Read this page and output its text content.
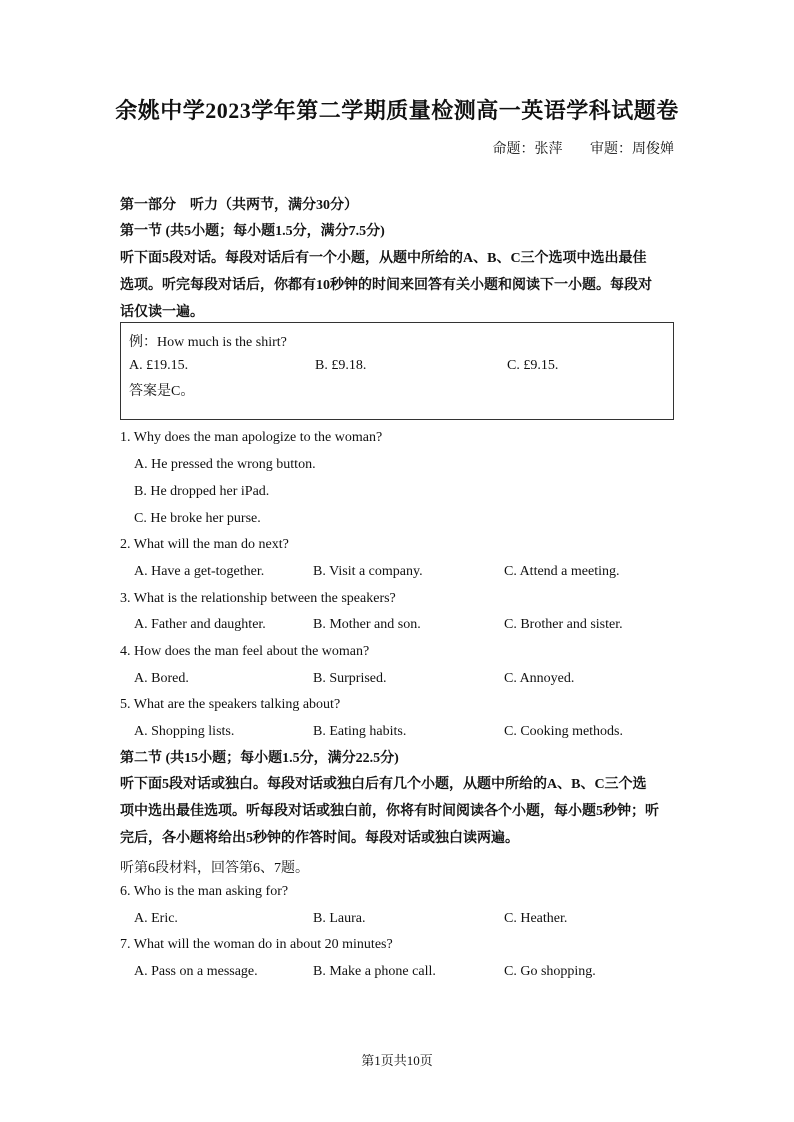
余姚中学2023学年第二学期质量检测高一英语学科试题卷
命题：张萍 审题：周俊婵
第一部分　听力（共两节，满分30分）
第一节 (共5小题；每小题1.5分，满分7.5分)
听下面5段对话。每段对话后有一个小题，从题中所给的A、B、C三个选项中选出最佳
选项。听完每段对话后，你都有10秒钟的时间来回答有关小题和阅读下一小题。每段对
话仅读一遍。
例：How much is the shirt?
A. £19.15.	B. £9.18.	C. £9.15.
答案是C。
1. Why does the man apologize to the woman?
A. He pressed the wrong button.
B. He dropped her iPad.
C. He broke her purse.
2. What will the man do next?
A. Have a get-together.	B. Visit a company.	C. Attend a meeting.
3. What is the relationship between the speakers?
A. Father and daughter.	B. Mother and son.	C. Brother and sister.
4. How does the man feel about the woman?
A. Bored.	B. Surprised.	C. Annoyed.
5. What are the speakers talking about?
A. Shopping lists.	B. Eating habits.	C. Cooking methods.
第二节 (共15小题；每小题1.5分，满分22.5分)
听下面5段对话或独白。每段对话或独白后有几个小题，从题中所给的A、B、C三个选
项中选出最佳选项。听每段对话或独白前，你将有时间阅读各个小题，每小题5秒钟；听
完后，各小题将给出5秒钟的作答时间。每段对话或独白读两遍。
听第6段材料，回答第6、7题。
6. Who is the man asking for?
A. Eric.	B. Laura.	C. Heather.
7. What will the woman do in about 20 minutes?
A. Pass on a message.	B. Make a phone call.	C. Go shopping.
第1页共10页
